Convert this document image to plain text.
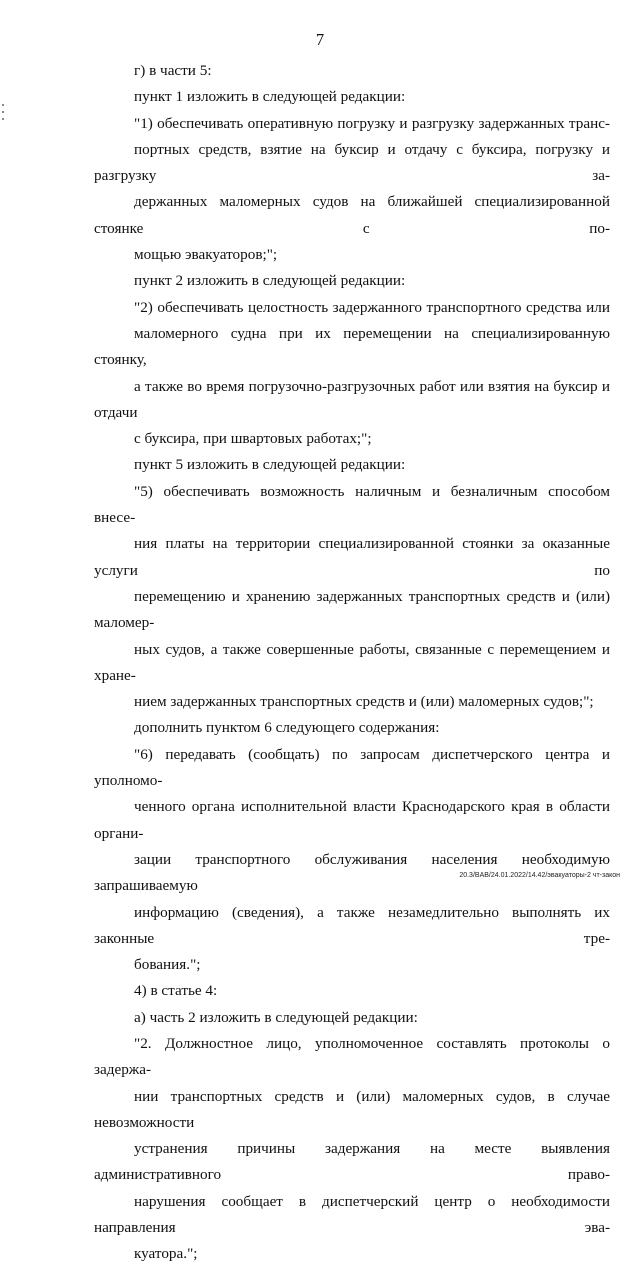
7
г) в части 5:
пункт 1 изложить в следующей редакции:
"1) обеспечивать оперативную погрузку и разгрузку задержанных транс-
портных средств, взятие на буксир и отдачу с буксира, погрузку и разгрузку за-
держанных маломерных судов на ближайшей специализированной стоянке с по-
мощью эвакуаторов;";
пункт 2 изложить в следующей редакции:
"2) обеспечивать целостность задержанного транспортного средства или
маломерного судна при их перемещении на специализированную стоянку,
а также во время погрузочно-разгрузочных работ или взятия на буксир и отдачи
с буксира, при швартовых работах;";
пункт 5 изложить в следующей редакции:
"5) обеспечивать возможность наличным и безналичным способом внесе-
ния платы на территории специализированной стоянки за оказанные услуги по
перемещению и хранению задержанных транспортных средств и (или) маломер-
ных судов, а также совершенные работы, связанные с перемещением и хране-
нием задержанных транспортных средств и (или) маломерных судов;";
дополнить пунктом 6 следующего содержания:
"6) передавать (сообщать) по запросам диспетчерского центра и уполномо-
ченного органа исполнительной власти Краснодарского края в области органи-
зации транспортного обслуживания населения необходимую запрашиваемую
информацию (сведения), а также незамедлительно выполнять их законные тре-
бования.";
4) в статье 4:
а) часть 2 изложить в следующей редакции:
"2. Должностное лицо, уполномоченное составлять протоколы о задержа-
нии транспортных средств и (или) маломерных судов, в случае невозможности
устранения причины задержания на месте выявления административного право-
нарушения сообщает в диспетчерский центр о необходимости направления эва-
куатора.";
20.3/BAB/24.01.2022/14.42/эвакуаторы-2 чт-закон
